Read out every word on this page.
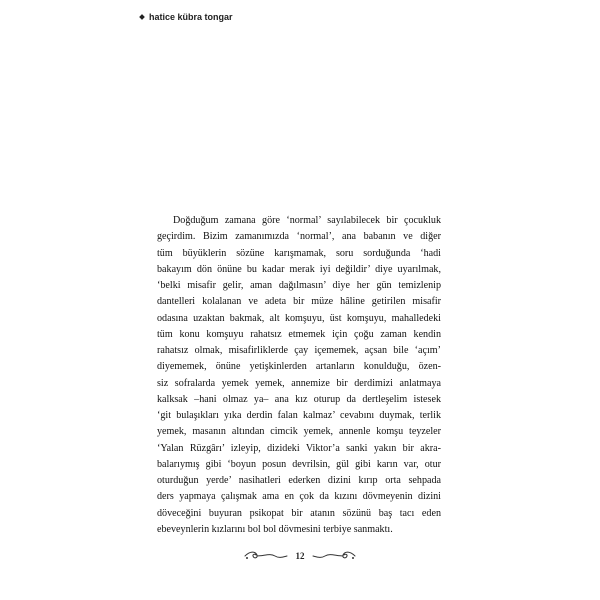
hatice kübra tongar

Doğduğum zamana göre ‘normal’ sayılabilecek bir çocukluk

geçirdim. Bizim zamanımızda ‘normal’, ana babanın ve diğer

tüm büyüklerin sözüne karışmamak, soru sorduğunda ‘hadi

bakayım dön önüne bu kadar merak iyi değildir’ diye uyarılmak,

‘belki misafir gelir, aman dağılmasın’ diye her gün temizlenip

dantelleri kolalanan ve adeta bir müze hâline getirilen misafir

odasına uzaktan bakmak, alt komşuyu, üst komşuyu, mahalledeki

tüm konu komşuyu rahatsız etmemek için çoğu zaman kendin

rahatsız olmak, misafirliklerde çay içememek, açsan bile ‘açım’

diyememek, önüne yetişkinlerden artanların konulduğu, özen-

siz sofralarda yemek yemek, annemize bir derdimizi anlatmaya

kalksak –hani olmaz ya– ana kız oturup da dertleşelim istesek

‘git bulaşıkları yıka derdin falan kalmaz’ cevabını duymak, terlik

yemek, masanın altından cimcik yemek, annenle komşu teyzeler

‘Yalan Rüzgârı’ izleyip, dizideki Viktor’a sanki yakın bir akra-

balarıymış gibi ‘boyun posun devrilsin, gül gibi karın var, otur

oturduğun yerde’ nasihatleri ederken dizini kırıp orta sehpada

ders yapmaya çalışmak ama en çok da kızını dövmeyenin dizini

döveceğini buyuran psikopat bir atanın sözünü baş tacı eden

ebeveynlerin kızlarını bol bol dövmesini terbiye sanmaktı.

12
